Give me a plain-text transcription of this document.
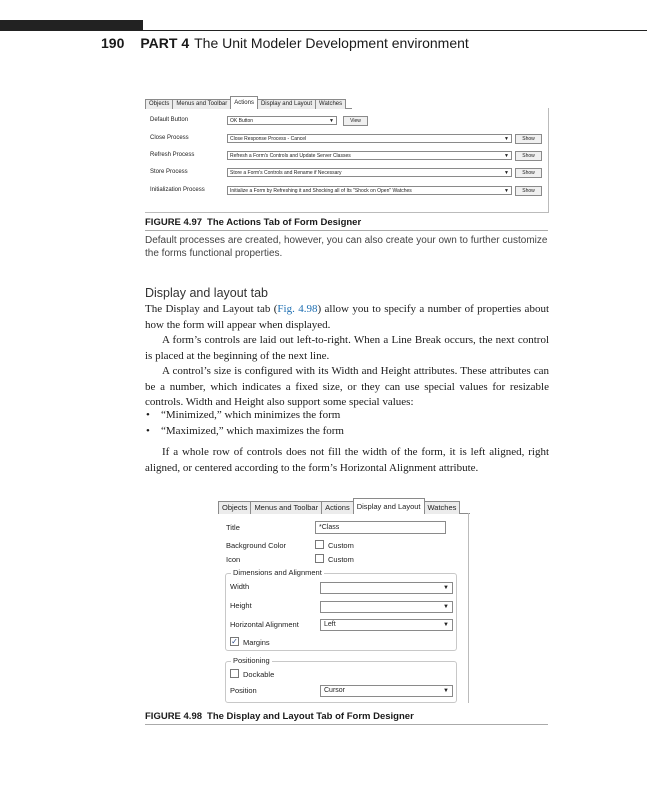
190 PART 4 The Unit Modeler Development environment
Objects	Menus and Toolbar	Actions	Display and Layout	Watches
Default Button	OK Button	▼	View
Close Process	Close Response Process - Cancel	▼	Show
Refresh Process	Refresh a Form's Controls and Update Server Classes	▼	Show
Store Process	Store a Form's Controls and Rename if Necessary	▼	Show
Initialization Process	Initialize a Form by Refreshing it and Shocking all of Its "Shock on Open" Watches	▼	Show
FIGURE 4.97 The Actions Tab of Form Designer
Default processes are created, however, you can also create your own to further customize the forms functional properties.
Display and layout tab

The Display and Layout tab (Fig. 4.98) allow you to specify a number of properties about how the form will appear when displayed.

A form’s controls are laid out left-to-right. When a Line Break occurs, the next control is placed at the beginning of the next line.

A control’s size is configured with its Width and Height attributes. These attributes can be a number, which indicates a fixed size, or they can use special values for resizable controls. Width and Height also support some special values:

• “Minimized,” which minimizes the form
• “Maximized,” which maximizes the form

If a whole row of controls does not fill the width of the form, it is left aligned, right aligned, or centered according to the form’s Horizontal Alignment attribute.

Objects Menus and Toolbar Actions Display and Layout Watches
Title	*Class
Background Color	Custom
Icon	Custom
Dimensions and Alignment
Width	▼
Height	▼
Horizontal Alignment	Left	▼
✓ Margins
Positioning
Dockable
Position	Cursor	▼
FIGURE 4.98 The Display and Layout Tab of Form Designer
